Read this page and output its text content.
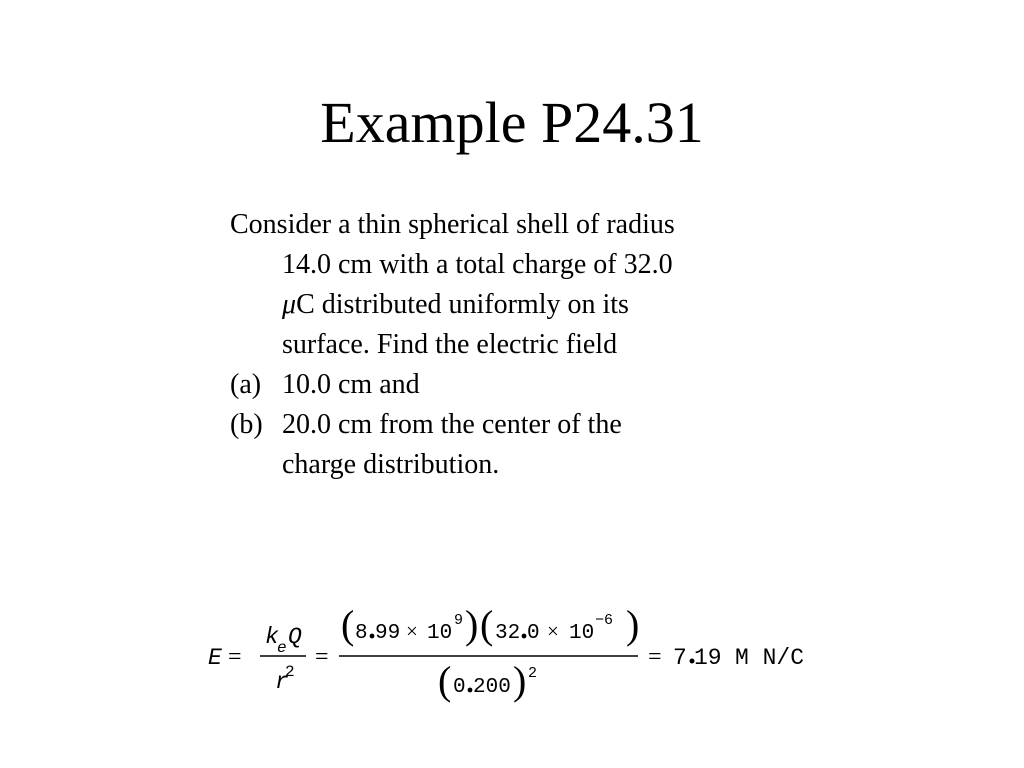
Example P24.31
Consider a thin spherical shell of radius
14.0 cm with a total charge of 32.0
μC distributed uniformly on its
surface. Find the electric field
(a) 10.0 cm and
(b) 20.0 cm from the center of the
charge distribution.
E =
k
e Q
r
2
=
( 8 99 × 10
9 ) ( 32 0 × 10
−6 )
( 0 200 ) 2
= 7 19 M N/C
